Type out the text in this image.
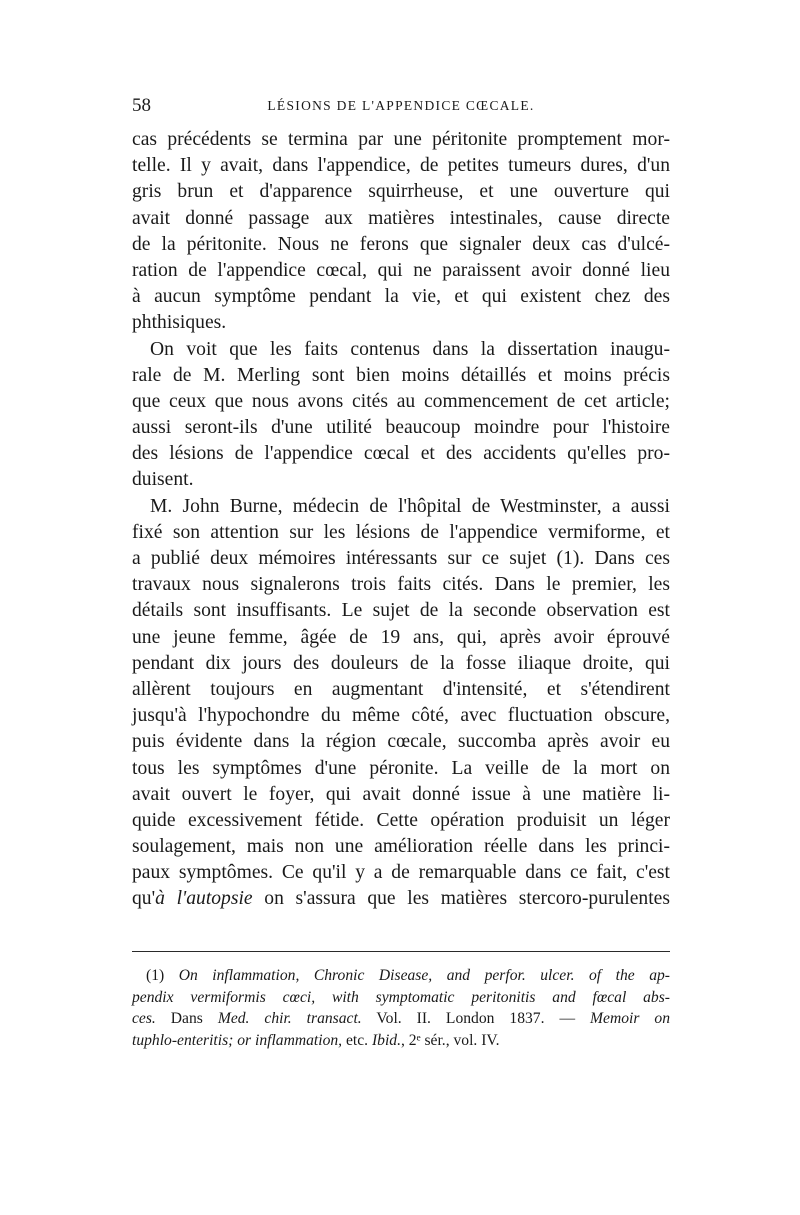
58	LÉSIONS DE L'APPENDICE CŒCALE.
cas précédents se termina par une péritonite promptement mor-
telle. Il y avait, dans l'appendice, de petites tumeurs dures, d'un
gris brun et d'apparence squirrheuse, et une ouverture qui
avait donné passage aux matières intestinales, cause directe
de la péritonite. Nous ne ferons que signaler deux cas d'ulcé-
ration de l'appendice cœcal, qui ne paraissent avoir donné lieu
à aucun symptôme pendant la vie, et qui existent chez des
phthisiques.
On voit que les faits contenus dans la dissertation inaugu-
rale de M. Merling sont bien moins détaillés et moins précis
que ceux que nous avons cités au commencement de cet article;
aussi seront-ils d'une utilité beaucoup moindre pour l'histoire
des lésions de l'appendice cœcal et des accidents qu'elles pro-
duisent.
M. John Burne, médecin de l'hôpital de Westminster, a aussi
fixé son attention sur les lésions de l'appendice vermiforme, et
a publié deux mémoires intéressants sur ce sujet (1). Dans ces
travaux nous signalerons trois faits cités. Dans le premier, les
détails sont insuffisants. Le sujet de la seconde observation est
une jeune femme, âgée de 19 ans, qui, après avoir éprouvé
pendant dix jours des douleurs de la fosse iliaque droite, qui
allèrent toujours en augmentant d'intensité, et s'étendirent
jusqu'à l'hypochondre du même côté, avec fluctuation obscure,
puis évidente dans la région cœcale, succomba après avoir eu
tous les symptômes d'une péronite. La veille de la mort on
avait ouvert le foyer, qui avait donné issue à une matière li-
quide excessivement fétide. Cette opération produisit un léger
soulagement, mais non une amélioration réelle dans les princi-
paux symptômes. Ce qu'il y a de remarquable dans ce fait, c'est
qu'à l'autopsie on s'assura que les matières stercoro-purulentes
(1) On inflammation, Chronic Disease, and perfor. ulcer. of the ap-
pendix vermiformis cœci, with symptomatic peritonitis and fœcal abs-
ces. Dans Med. chir. transact. Vol. II. London 1837. — Memoir on
tuphlo-enteritis; or inflammation, etc. Ibid., 2ᵉ sér., vol. IV.
